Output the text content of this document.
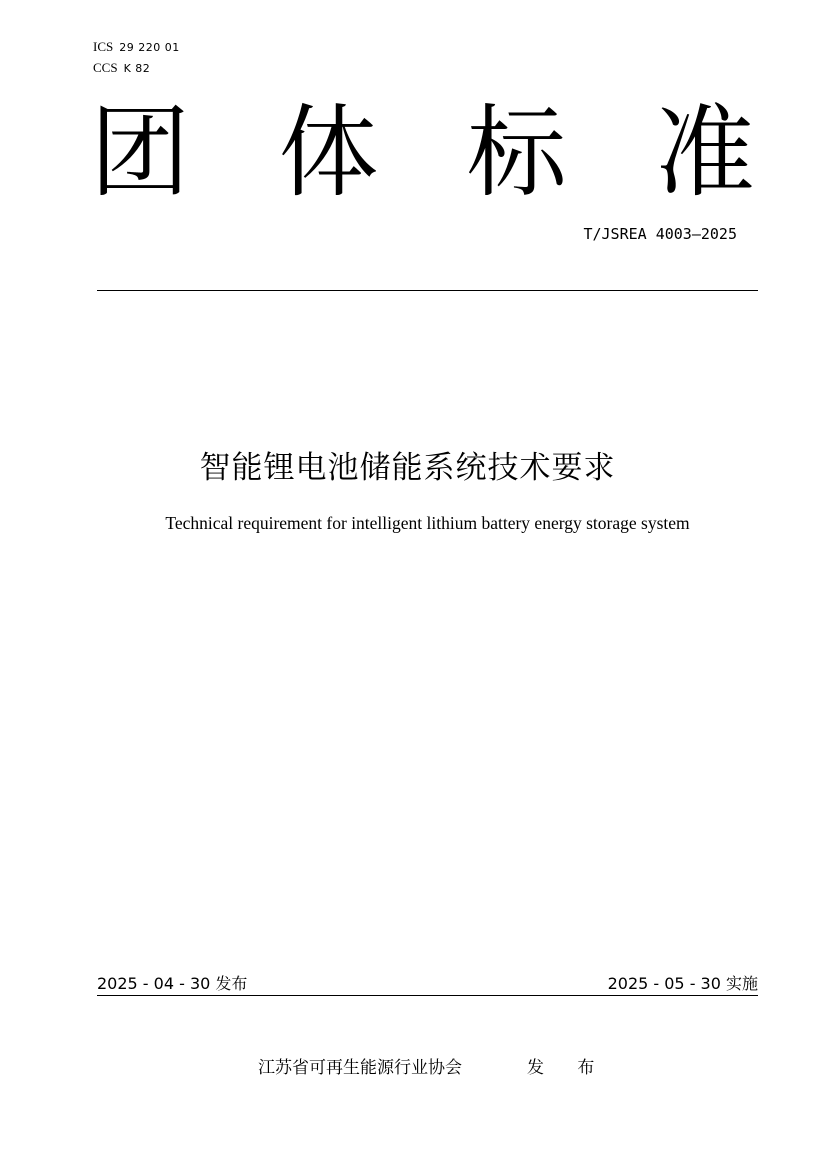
ICS 29 220 01
CCS K 82
团 体 标 准
T/JSREA 4003—2025
智能锂电池储能系统技术要求
Technical requirement for intelligent lithium battery energy storage system
2025 - 04 - 30 发布	2025 - 05 - 30 实施
江苏省可再生能源行业协会	发 布
